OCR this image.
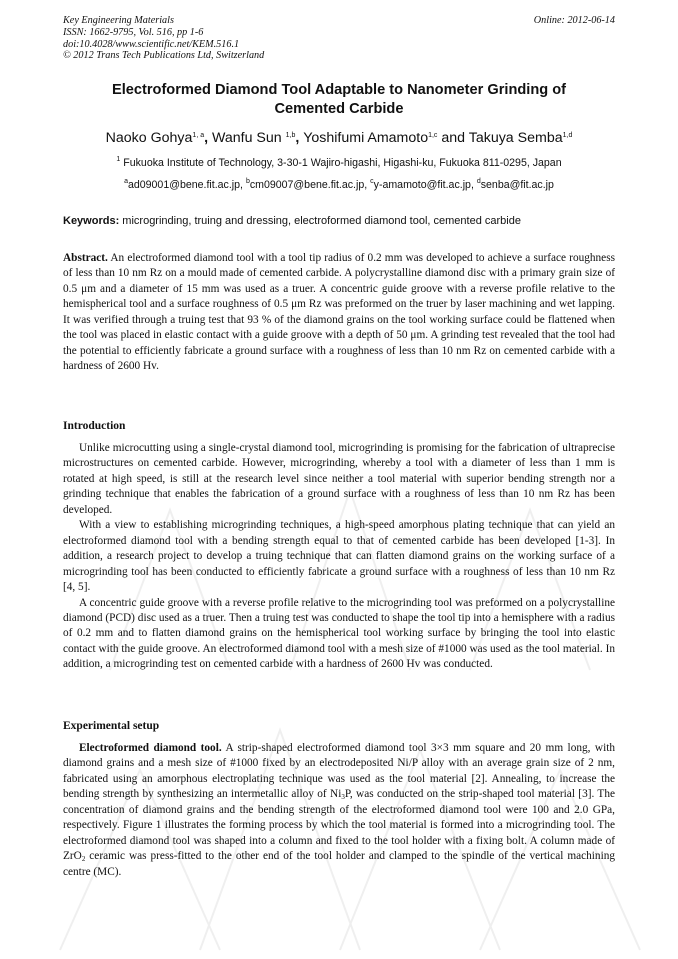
Key Engineering Materials
ISSN: 1662-9795, Vol. 516, pp 1-6
doi:10.4028/www.scientific.net/KEM.516.1
© 2012 Trans Tech Publications Ltd, Switzerland
Online: 2012-06-14
Electroformed Diamond Tool Adaptable to Nanometer Grinding of
Cemented Carbide
Naoko Gohya$^{1, a}$, Wanfu Sun $^{1,b}$, Yoshifumi Amamoto$^{1,c}$ and Takuya Semba$^{1,d}$
$^1$ Fukuoka Institute of Technology, 3-30-1 Wajiro-higashi, Higashi-ku, Fukuoka 811-0295, Japan
$^a$ad09001@bene.fit.ac.jp, $^b$cm09007@bene.fit.ac.jp, $^c$y-amamoto@fit.ac.jp, $^d$senba@fit.ac.jp
Keywords: microgrinding, truing and dressing, electroformed diamond tool, cemented carbide

Abstract. An electroformed diamond tool with a tool tip radius of 0.2 mm was developed to achieve a surface roughness of less than 10 nm Rz on a mould made of cemented carbide. A polycrystalline diamond disc with a primary grain size of 0.5 μm and a diameter of 15 mm was used as a truer. A concentric guide groove with a reverse profile relative to the hemispherical tool and a surface roughness of 0.5 μm Rz was preformed on the truer by laser machining and wet lapping. It was verified through a truing test that 93 % of the diamond grains on the tool working surface could be flattened when the tool was placed in elastic contact with a guide groove with a depth of 50 μm. A grinding test revealed that the tool had the potential to efficiently fabricate a ground surface with a roughness of less than 10 nm Rz on cemented carbide with a hardness of 2600 Hv.

Introduction

Unlike microcutting using a single-crystal diamond tool, microgrinding is promising for the fabrication of ultraprecise microstructures on cemented carbide. However, microgrinding, whereby a tool with a diameter of less than 1 mm is rotated at high speed, is still at the research level since neither a tool material with superior bending strength nor a grinding technique that enables the fabrication of a ground surface with a roughness of less than 10 nm Rz has been developed.

With a view to establishing microgrinding techniques, a high-speed amorphous plating technique that can yield an electroformed diamond tool with a bending strength equal to that of cemented carbide has been developed [1-3]. In addition, a research project to develop a truing technique that can flatten diamond grains on the working surface of a microgrinding tool has been conducted to efficiently fabricate a ground surface with a roughness of less than 10 nm Rz [4, 5].

A concentric guide groove with a reverse profile relative to the microgrinding tool was preformed on a polycrystalline diamond (PCD) disc used as a truer. Then a truing test was conducted to shape the tool tip into a hemisphere with a radius of 0.2 mm and to flatten diamond grains on the hemispherical tool working surface by bringing the tool into elastic contact with the guide groove. An electroformed diamond tool with a mesh size of #1000 was used as the tool material. In addition, a microgrinding test on cemented carbide with a hardness of 2600 Hv was conducted.

Experimental setup

Electroformed diamond tool. A strip-shaped electroformed diamond tool 3×3 mm square and 20 mm long, with diamond grains and a mesh size of #1000 fixed by an electrodeposited Ni/P alloy with an average grain size of 2 nm, fabricated using an amorphous electroplating technique was used as the tool material [2]. Annealing, to increase the bending strength by synthesizing an intermetallic alloy of $Ni_3P$, was conducted on the strip-shaped tool material [3]. The concentration of diamond grains and the bending strength of the electroformed diamond tool were 100 and 2.0 GPa, respectively. Figure 1 illustrates the forming process by which the tool material is formed into a microgrinding tool. The electroformed diamond tool was shaped into a column and fixed to the tool holder with a fixing bolt. A column made of ZrO$_2$ ceramic was press-fitted to the other end of the tool holder and clamped to the spindle of the vertical machining centre (MC).
